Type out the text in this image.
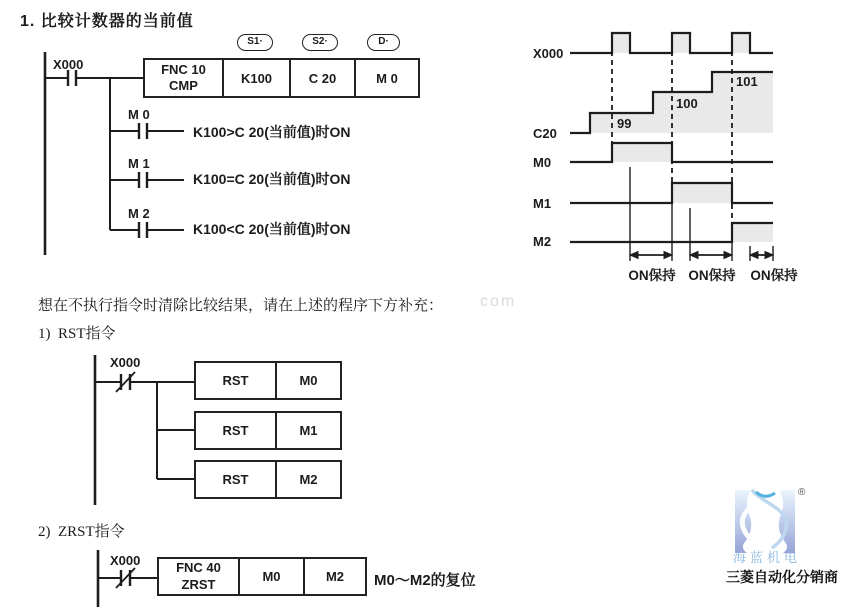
1. 比较计数器的当前值
X000
S1·	S2·	D·
FNC 10
CMP	K100	C 20	M 0
M 0
K100>C 20(当前值)时ON
M 1
K100=C 20(当前值)时ON
M 2
K100<C 20(当前值)时ON
X000
C20
M0
M1
M2
99
100
101
ON保持 ON保持	ON保持
想在不执行指令时清除比较结果，请在上述的程序下方补充： com
1)  RST指令
X000
RST	M0
RST	M1
RST	M2
2)  ZRST指令
X000	FNC 40
ZRST	M0	M2	M0～M2的复位
®
海蓝机电
三菱自动化分销商
